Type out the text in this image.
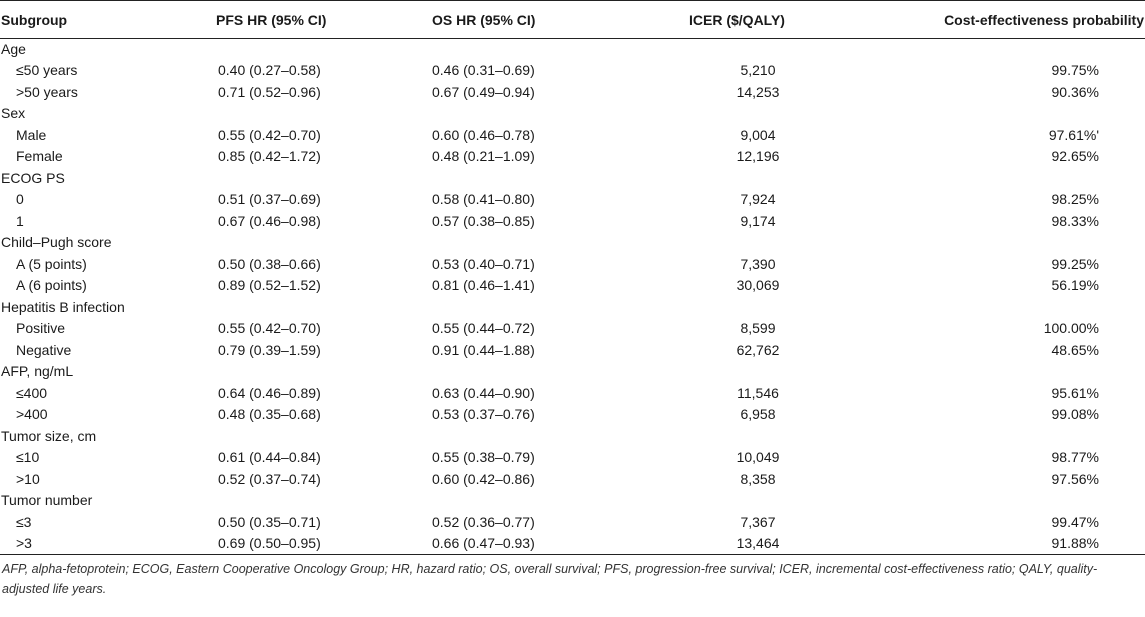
Subgroup	PFS HR (95% CI)	OS HR (95% CI)	ICER ($/QALY)	Cost-effectiveness probability
Age				
≤50 years	0.40 (0.27–0.58)	0.46 (0.31–0.69)	5,210	99.75%
>50 years	0.71 (0.52–0.96)	0.67 (0.49–0.94)	14,253	90.36%
Sex				
Male	0.55 (0.42–0.70)	0.60 (0.46–0.78)	9,004	97.61%'
Female	0.85 (0.42–1.72)	0.48 (0.21–1.09)	12,196	92.65%
ECOG PS				
0	0.51 (0.37–0.69)	0.58 (0.41–0.80)	7,924	98.25%
1	0.67 (0.46–0.98)	0.57 (0.38–0.85)	9,174	98.33%
Child–Pugh score				
A (5 points)	0.50 (0.38–0.66)	0.53 (0.40–0.71)	7,390	99.25%
A (6 points)	0.89 (0.52–1.52)	0.81 (0.46–1.41)	30,069	56.19%
Hepatitis B infection				
Positive	0.55 (0.42–0.70)	0.55 (0.44–0.72)	8,599	100.00%
Negative	0.79 (0.39–1.59)	0.91 (0.44–1.88)	62,762	48.65%
AFP, ng/mL				
≤400	0.64 (0.46–0.89)	0.63 (0.44–0.90)	11,546	95.61%
>400	0.48 (0.35–0.68)	0.53 (0.37–0.76)	6,958	99.08%
Tumor size, cm				
≤10	0.61 (0.44–0.84)	0.55 (0.38–0.79)	10,049	98.77%
>10	0.52 (0.37–0.74)	0.60 (0.42–0.86)	8,358	97.56%
Tumor number				
≤3	0.50 (0.35–0.71)	0.52 (0.36–0.77)	7,367	99.47%
>3	0.69 (0.50–0.95)	0.66 (0.47–0.93)	13,464	91.88%
AFP, alpha-fetoprotein; ECOG, Eastern Cooperative Oncology Group; HR, hazard ratio; OS, overall survival; PFS, progression-free survival; ICER, incremental cost-effectiveness ratio; QALY, quality-adjusted life years.
